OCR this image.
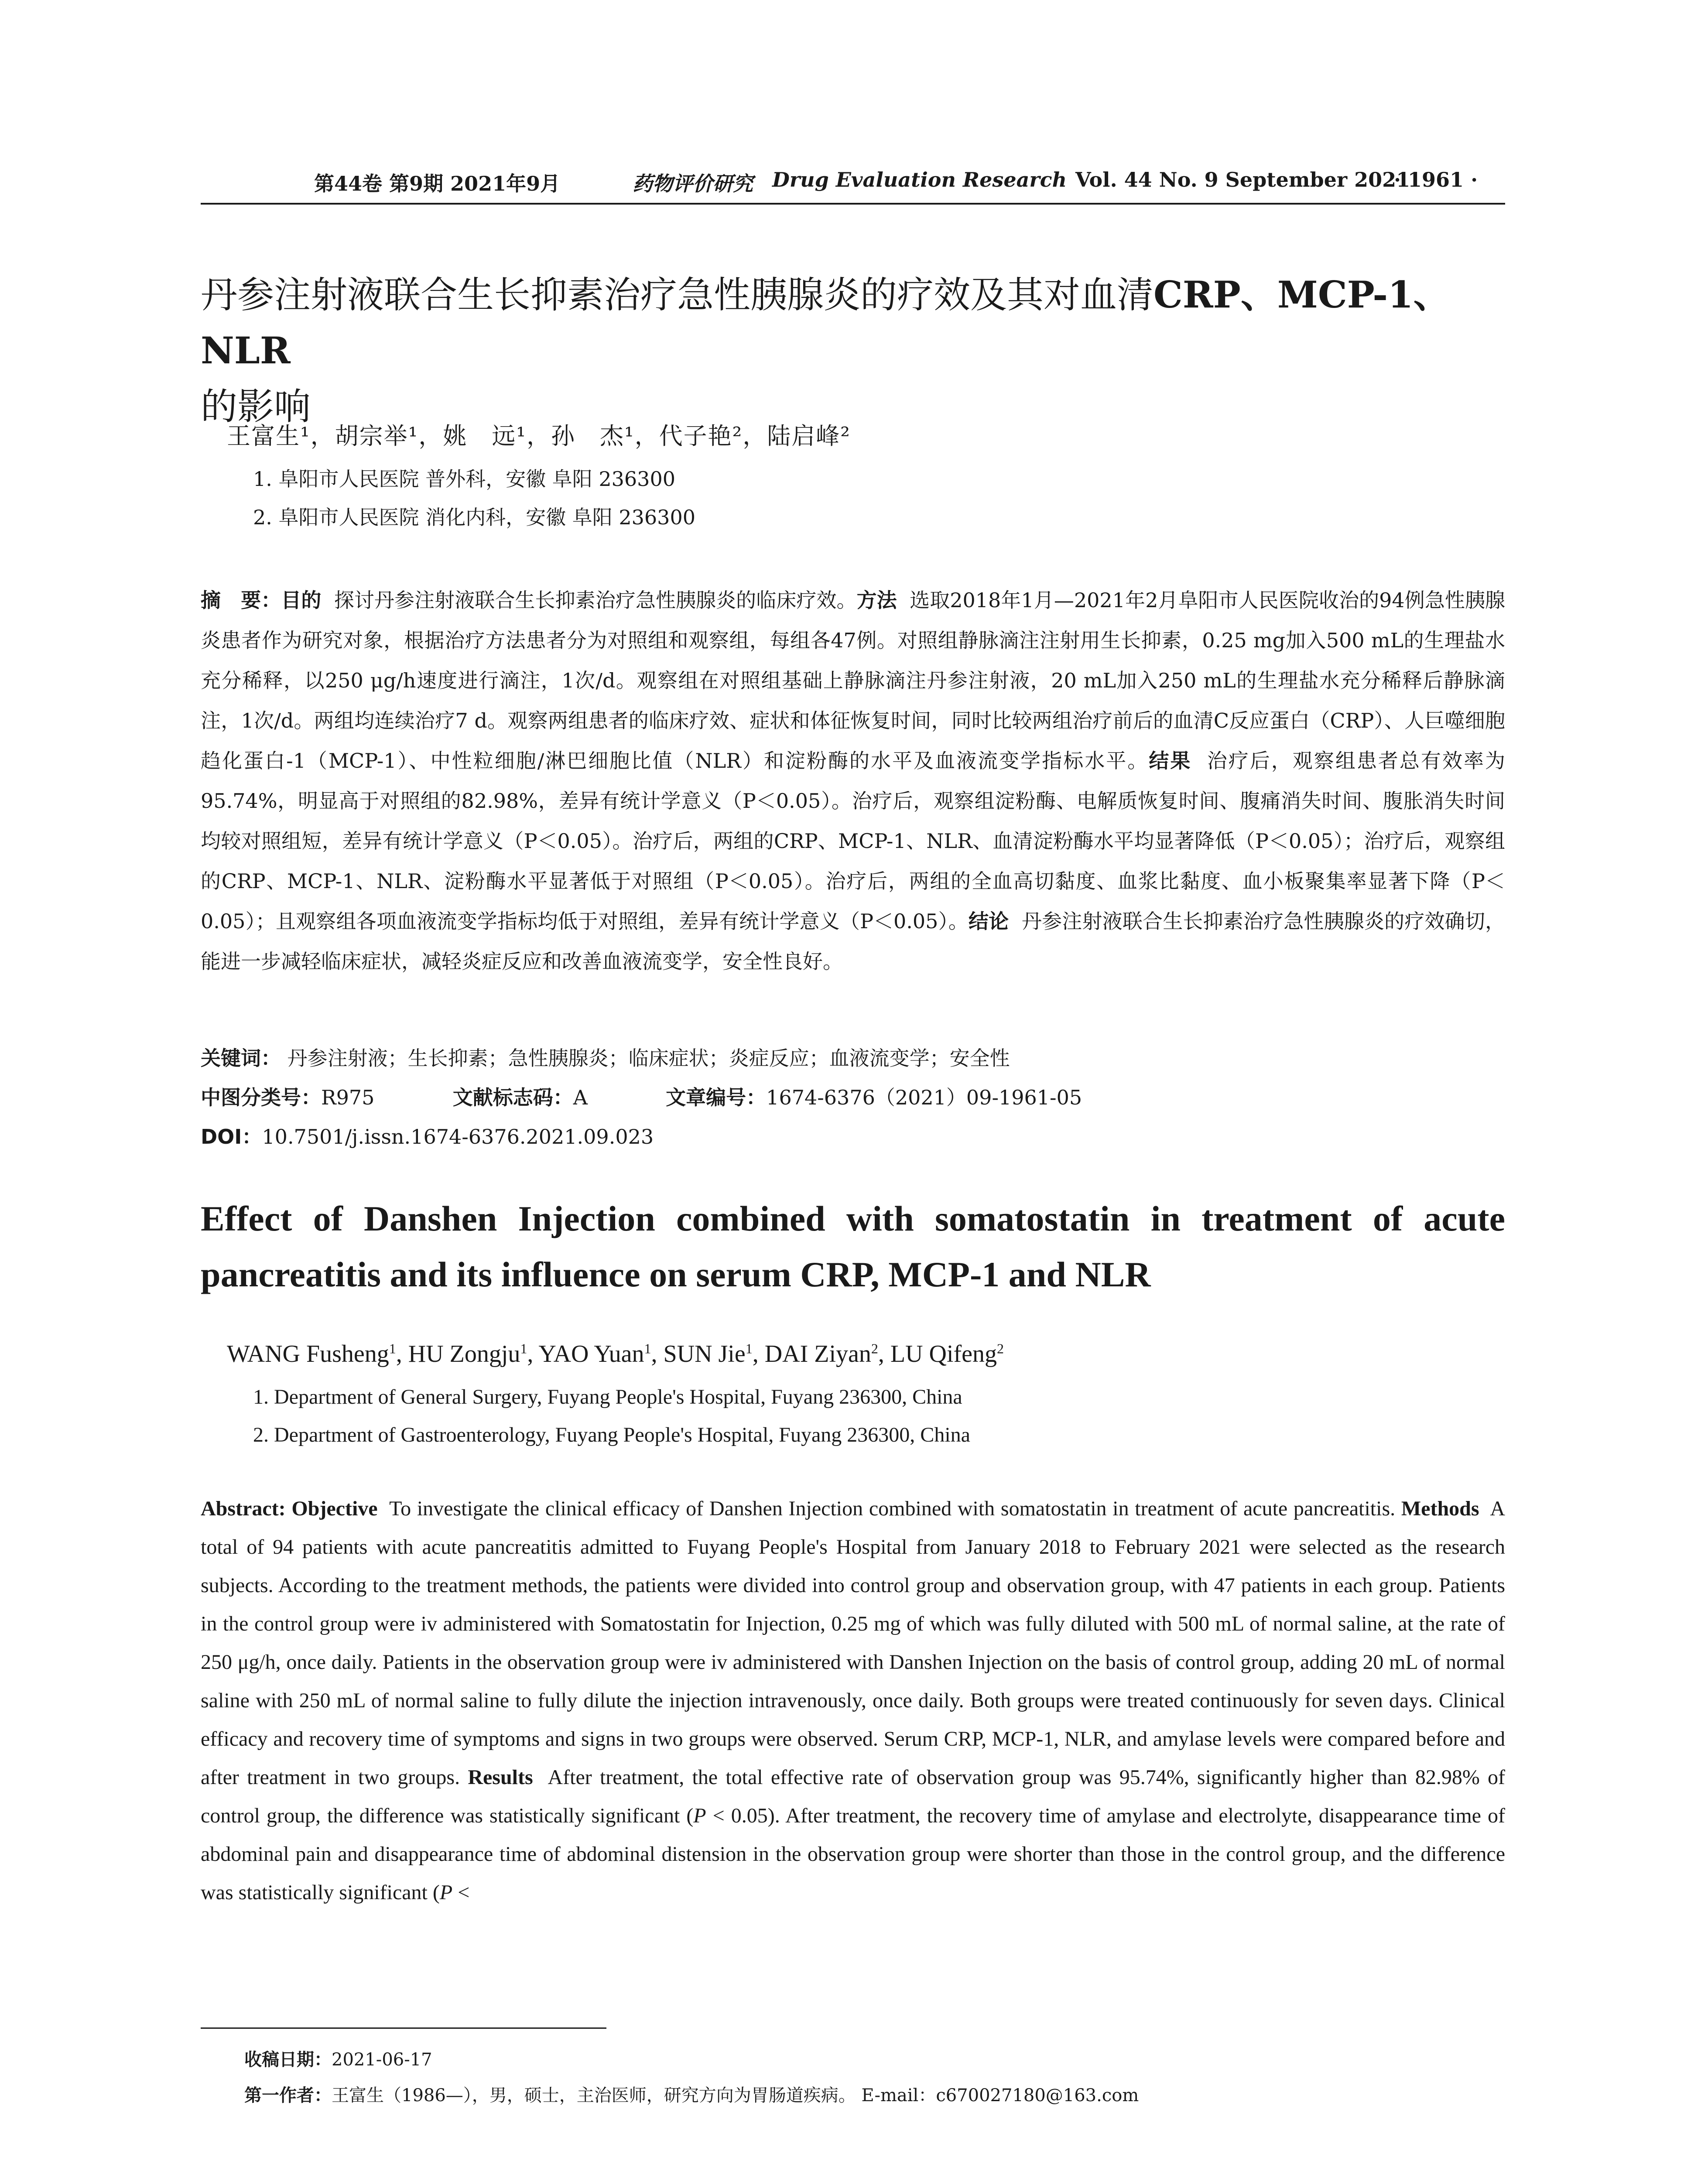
第44卷 第9期 2021年9月	药物评价研究 Drug Evaluation Research Vol. 44 No. 9 September 2021
· 1961 ·
丹参注射液联合生长抑素治疗急性胰腺炎的疗效及其对血清CRP、MCP-1、NLR
的影响
王富生¹，胡宗举¹，姚　远¹，孙　杰¹，代子艳²，陆启峰²
1. 阜阳市人民医院 普外科，安徽 阜阳 236300
2. 阜阳市人民医院 消化内科，安徽 阜阳 236300

摘　要：目的 探讨丹参注射液联合生长抑素治疗急性胰腺炎的临床疗效。方法 选取2018年1月—2021年2月阜阳市人民医院收治的94例急性胰腺炎患者作为研究对象，根据治疗方法患者分为对照组和观察组，每组各47例。对照组静脉滴注注射用生长抑素，0.25 mg加入500 mL的生理盐水充分稀释，以250 μg/h速度进行滴注，1次/d。观察组在对照组基础上静脉滴注丹参注射液，20 mL加入250 mL的生理盐水充分稀释后静脉滴注，1次/d。两组均连续治疗7 d。观察两组患者的临床疗效、症状和体征恢复时间，同时比较两组治疗前后的血清C反应蛋白（CRP）、人巨噬细胞趋化蛋白-1（MCP-1）、中性粒细胞/淋巴细胞比值（NLR）和淀粉酶的水平及血液流变学指标水平。结果 治疗后，观察组患者总有效率为95.74%，明显高于对照组的82.98%，差异有统计学意义（P＜0.05）。治疗后，观察组淀粉酶、电解质恢复时间、腹痛消失时间、腹胀消失时间均较对照组短，差异有统计学意义（P＜0.05）。治疗后，两组的CRP、MCP-1、NLR、血清淀粉酶水平均显著降低（P＜0.05）；治疗后，观察组的CRP、MCP-1、NLR、淀粉酶水平显著低于对照组（P＜0.05）。治疗后，两组的全血高切黏度、血浆比黏度、血小板聚集率显著下降（P＜0.05）；且观察组各项血液流变学指标均低于对照组，差异有统计学意义（P＜0.05）。结论 丹参注射液联合生长抑素治疗急性胰腺炎的疗效确切，能进一步减轻临床症状，减轻炎症反应和改善血液流变学，安全性良好。

关键词： 丹参注射液；生长抑素；急性胰腺炎；临床症状；炎症反应；血液流变学；安全性
中图分类号：R975	文献标志码：A	文章编号：1674-6376（2021）09-1961-05
DOI：10.7501/j.issn.1674-6376.2021.09.023
Effect of Danshen Injection combined with somatostatin in treatment of acute pancreatitis and its influence on serum CRP, MCP-1 and NLR
WANG Fusheng$^1$, HU Zongju$^1$, YAO Yuan$^1$, SUN Jie$^1$, DAI Ziyan$^2$, LU Qifeng$^2$
1. Department of General Surgery, Fuyang People's Hospital, Fuyang 236300, China
2. Department of Gastroenterology, Fuyang People's Hospital, Fuyang 236300, China

Abstract: Objective To investigate the clinical efficacy of Danshen Injection combined with somatostatin in treatment of acute pancreatitis. Methods A total of 94 patients with acute pancreatitis admitted to Fuyang People's Hospital from January 2018 to February 2021 were selected as the research subjects. According to the treatment methods, the patients were divided into control group and observation group, with 47 patients in each group. Patients in the control group were iv administered with Somatostatin for Injection, 0.25 mg of which was fully diluted with 500 mL of normal saline, at the rate of 250 μg/h, once daily. Patients in the observation group were iv administered with Danshen Injection on the basis of control group, adding 20 mL of normal saline with 250 mL of normal saline to fully dilute the injection intravenously, once daily. Both groups were treated continuously for seven days. Clinical efficacy and recovery time of symptoms and signs in two groups were observed. Serum CRP, MCP-1, NLR, and amylase levels were compared before and after treatment in two groups. Results After treatment, the total effective rate of observation group was 95.74%, significantly higher than 82.98% of control group, the difference was statistically significant (P < 0.05). After treatment, the recovery time of amylase and electrolyte, disappearance time of abdominal pain and disappearance time of abdominal distension in the observation group were shorter than those in the control group, and the difference was statistically significant (P <

收稿日期：2021-06-17
第一作者：王富生（1986—），男，硕士，主治医师，研究方向为胃肠道疾病。 E-mail：c670027180@163.com
